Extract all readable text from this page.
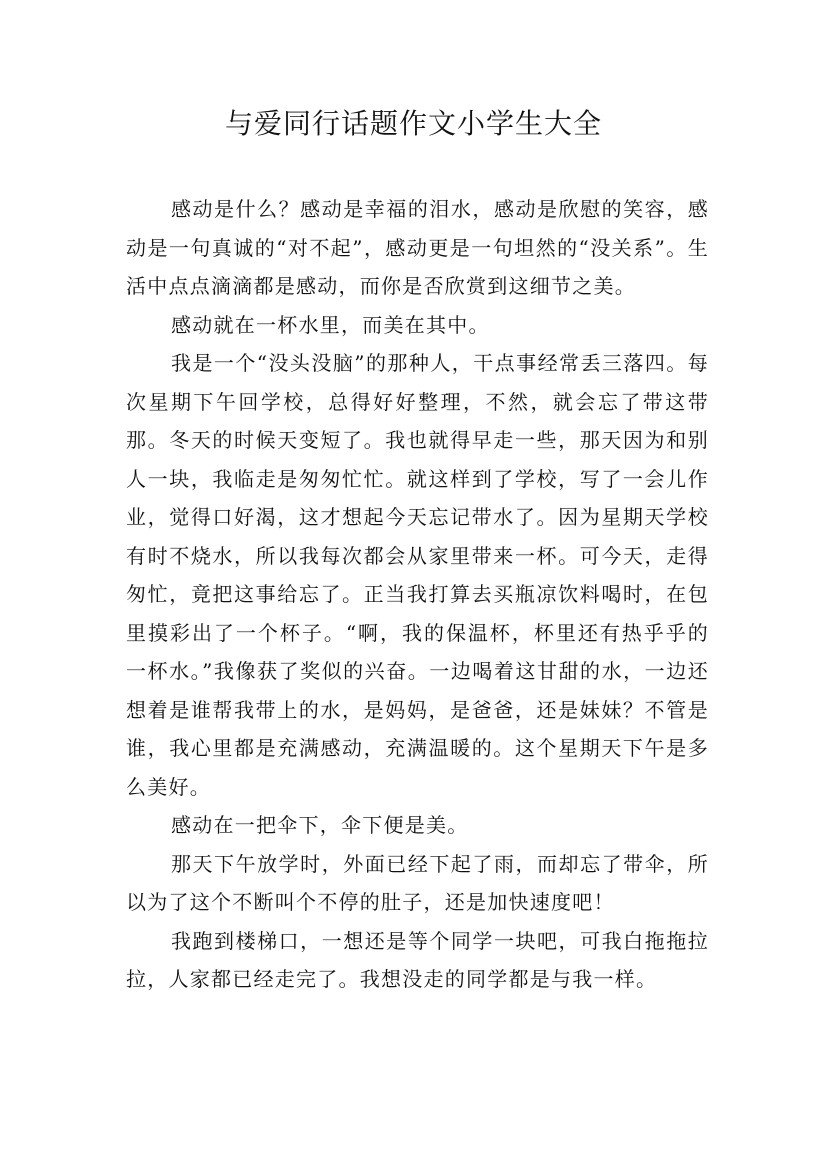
与爱同行话题作文小学生大全

感动是什么？感动是幸福的泪水，感动是欣慰的笑容，感动是一句真诚的“对不起”，感动更是一句坦然的“没关系”。生活中点点滴滴都是感动，而你是否欣赏到这细节之美。

感动就在一杯水里，而美在其中。

我是一个“没头没脑”的那种人，干点事经常丢三落四。每次星期下午回学校，总得好好整理，不然，就会忘了带这带那。冬天的时候天变短了。我也就得早走一些，那天因为和别人一块，我临走是匆匆忙忙。就这样到了学校，写了一会儿作业，觉得口好渴，这才想起今天忘记带水了。因为星期天学校有时不烧水，所以我每次都会从家里带来一杯。可今天，走得匆忙，竟把这事给忘了。正当我打算去买瓶凉饮料喝时，在包里摸彩出了一个杯子。“啊，我的保温杯，杯里还有热乎乎的一杯水。”我像获了奖似的兴奋。一边喝着这甘甜的水，一边还想着是谁帮我带上的水，是妈妈，是爸爸，还是妹妹？不管是谁，我心里都是充满感动，充满温暖的。这个星期天下午是多么美好。

感动在一把伞下，伞下便是美。

那天下午放学时，外面已经下起了雨，而却忘了带伞，所以为了这个不断叫个不停的肚子，还是加快速度吧！

我跑到楼梯口，一想还是等个同学一块吧，可我白拖拖拉拉，人家都已经走完了。我想没走的同学都是与我一样。
